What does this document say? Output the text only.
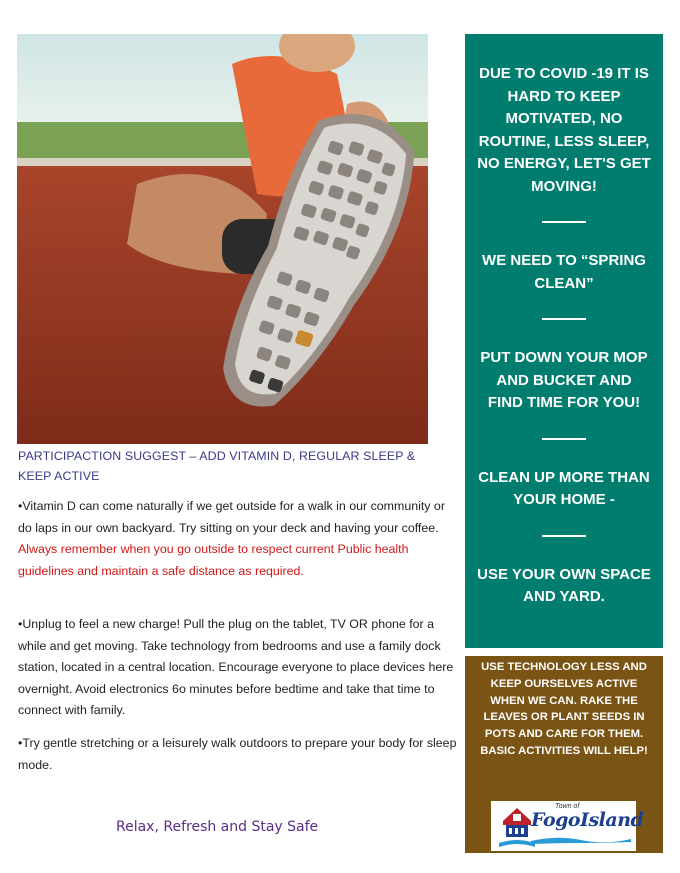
PARTICIPACTION SUGGEST – ADD VITAMIN D, REGULAR SLEEP & KEEP ACTIVE
•Vitamin D can come naturally if we get outside for a walk in our community or do laps in our own backyard. Try sitting on your deck and having your coffee. Always remember when you go outside to respect current Public health guidelines and maintain a safe distance as required.
•Unplug to feel a new charge! Pull the plug on the tablet, TV OR phone for a while and get moving. Take technology from bedrooms and use a family dock station, located in a central location. Encourage everyone to place devices here overnight. Avoid electronics 6o minutes before bedtime and take that time to connect with family.
•Try gentle stretching or a leisurely walk outdoors to prepare your body for sleep mode.
Relax, Refresh and Stay Safe
DUE TO COVID -19 IT IS HARD TO KEEP MOTIVATED, NO ROUTINE, LESS SLEEP, NO ENERGY, LET'S GET MOVING!
WE NEED TO “SPRING CLEAN”
PUT DOWN YOUR MOP AND BUCKET AND FIND TIME FOR YOU!
CLEAN UP MORE THAN YOUR HOME -
USE YOUR OWN SPACE AND YARD.
USE TECHNOLOGY LESS AND KEEP OURSELVES ACTIVE WHEN WE CAN. RAKE THE LEAVES OR PLANT SEEDS IN POTS AND CARE FOR THEM. BASIC ACTIVITIES WILL HELP!
Town of
FogoIsland
